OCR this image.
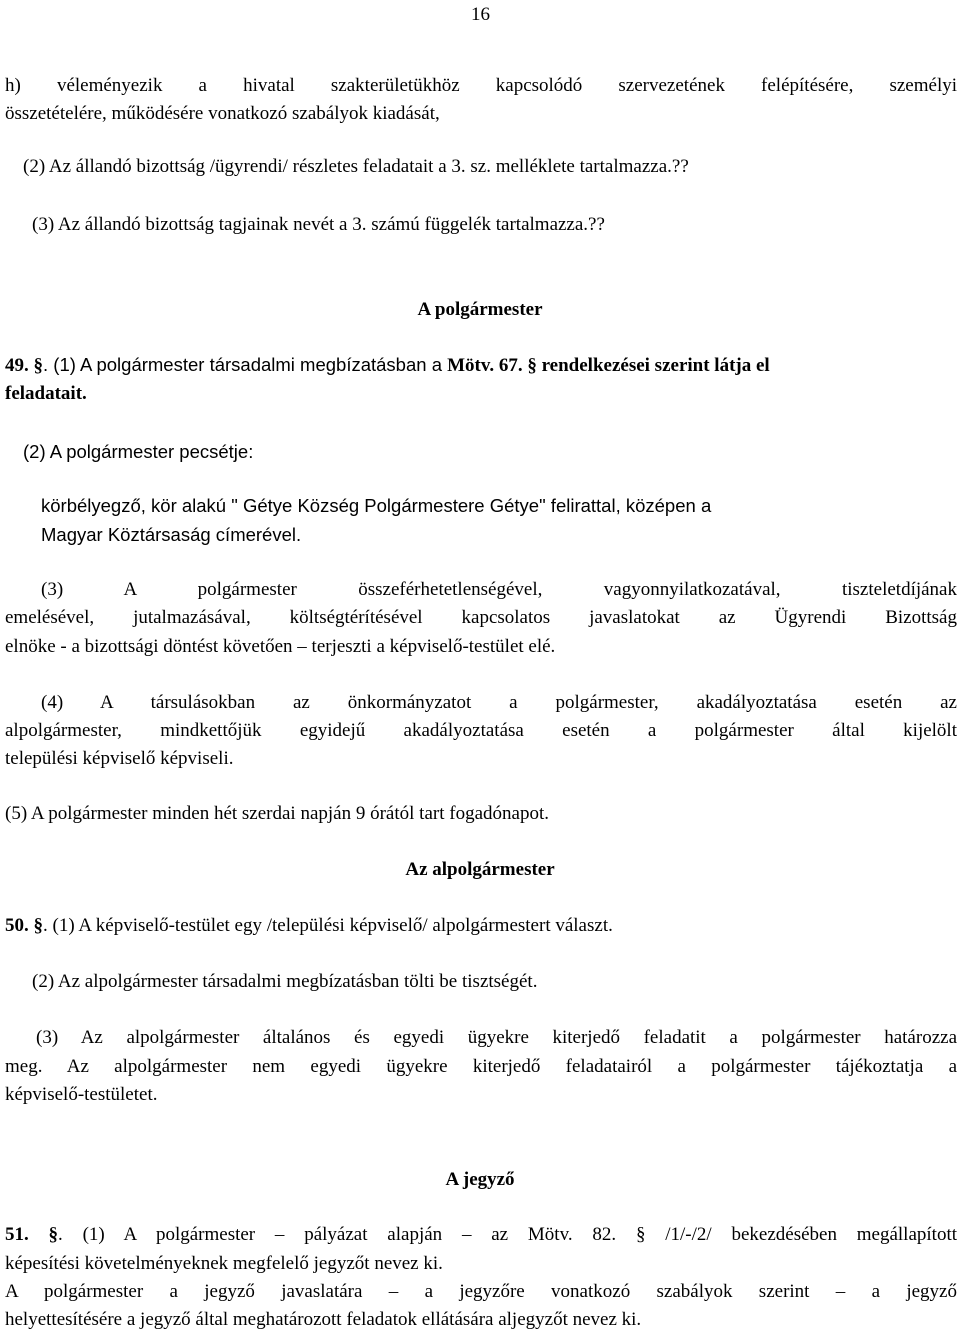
16
h) véleményezik a hivatal szakterületükhöz kapcsolódó szervezetének felépítésére, személyi
összetételére, működésére vonatkozó szabályok kiadását,
(2) Az állandó bizottság /ügyrendi/ részletes feladatait a 3. sz. melléklete tartalmazza.??
(3) Az állandó bizottság tagjainak nevét a 3. számú függelék tartalmazza.??
A polgármester
49. §. (1) A polgármester társadalmi megbízatásban a Mötv. 67. § rendelkezései szerint látja el
feladatait.
(2) A polgármester pecsétje:
körbélyegző, kör alakú " Gétye Község Polgármestere Gétye" felirattal, középen a
Magyar Köztársaság címerével.
(3) A polgármester összeférhetetlenségével, vagyonnyilatkozatával, tiszteletdíjának
emelésével, jutalmazásával, költségtérítésével kapcsolatos javaslatokat az Ügyrendi Bizottság
elnöke - a bizottsági döntést követően – terjeszti a képviselő-testület elé.
(4) A társulásokban az önkormányzatot a polgármester, akadályoztatása esetén az
alpolgármester, mindkettőjük egyidejű akadályoztatása esetén a polgármester által kijelölt
települési képviselő képviseli.
(5) A polgármester minden hét szerdai napján 9 órától tart fogadónapot.
Az alpolgármester
50. §. (1) A képviselő-testület egy /települési képviselő/ alpolgármestert választ.
(2) Az alpolgármester társadalmi megbízatásban tölti be tisztségét.
(3) Az alpolgármester általános és egyedi ügyekre kiterjedő feladatit a polgármester határozza
meg. Az alpolgármester nem egyedi ügyekre kiterjedő feladatairól a polgármester tájékoztatja a
képviselő-testületet.
A jegyző
51. §. (1) A polgármester – pályázat alapján – az Mötv. 82. § /1/-/2/ bekezdésében megállapított
képesítési követelményeknek megfelelő jegyzőt nevez ki.
A polgármester a jegyző javaslatára – a jegyzőre vonatkozó szabályok szerint – a jegyző
helyettesítésére a jegyző által meghatározott feladatok ellátására aljegyzőt nevez ki.
